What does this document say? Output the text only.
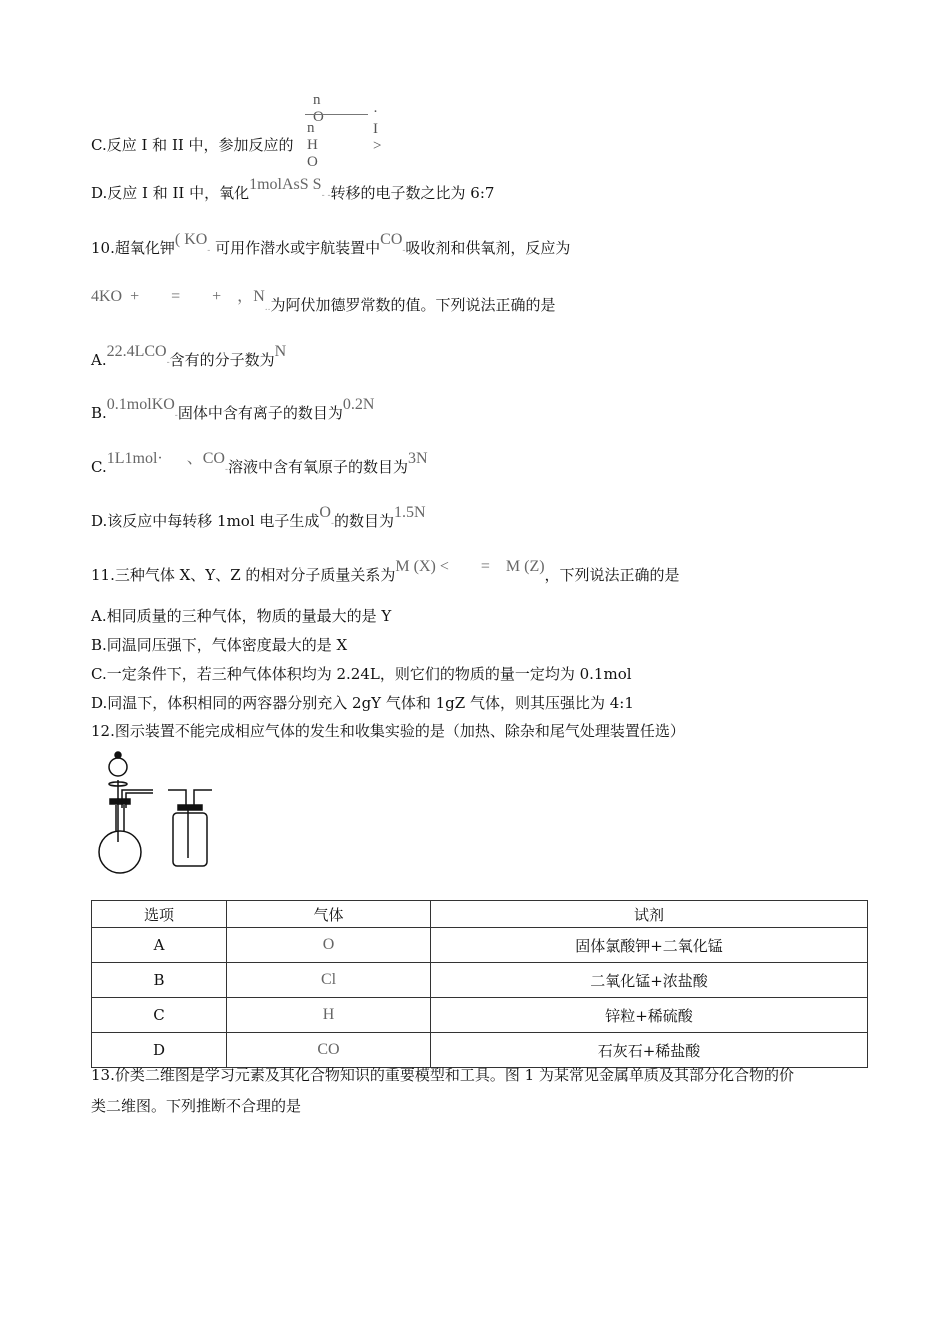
n O	· I >
n H O
C.反应 I 和 II 中，参加反应的
D.反应 I 和 II 中，氧化1molAsS S- -转移的电子数之比为 6:7
10.超氧化钾( KO- 可用作潜水或宇航装置中CO-吸收剂和供氧剂，反应为
4KO  +        =        +    ，N..为阿伏加德罗常数的值。下列说法正确的是
A.22.4LCO-含有的分子数为N
B.0.1molKO-固体中含有离子的数目为0.2N
C.1L1mol·      、CO-溶液中含有氧原子的数目为3N
D.该反应中每转移 1mol 电子生成O-的数目为1.5N
11.三种气体 X、Y、Z 的相对分子质量关系为M (X) <        =    M (Z)，下列说法正确的是
A.相同质量的三种气体，物质的量最大的是 Y
B.同温同压强下，气体密度最大的是 X
C.一定条件下，若三种气体体积均为 2.24L，则它们的物质的量一定均为 0.1mol
D.同温下，体积相同的两容器分别充入 2gY 气体和 1gZ 气体，则其压强比为 4:1
12.图示装置不能完成相应气体的发生和收集实验的是（加热、除杂和尾气处理装置任选）
选项	气体	试剂
A	O	固体氯酸钾+二氧化锰
B	Cl	二氧化锰+浓盐酸
C	H	锌粒+稀硫酸
D	CO	石灰石+稀盐酸
13.价类二维图是学习元素及其化合物知识的重要模型和工具。图 1 为某常见金属单质及其部分化合物的价
类二维图。下列推断不合理的是
